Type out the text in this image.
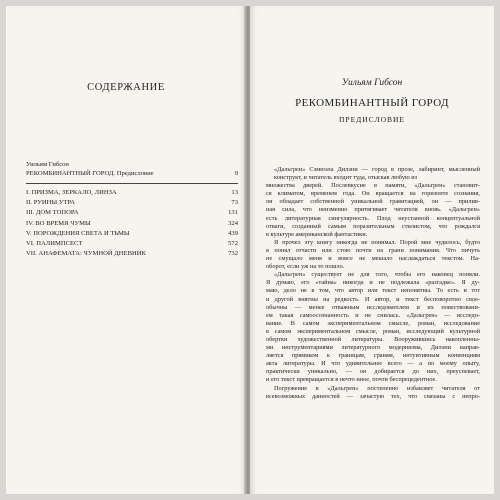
СОДЕРЖАНИЕ
Уильям Гибсон
РЕКОМБИНАНТНЫЙ ГОРОД. Предисловие	9
I. ПРИЗМА, ЗЕРКАЛО, ЛИНЗА	13
II. РУИНЫ УТРА	73
III. ДОМ ТОПОРА	131
IV. ВО ВРЕМЯ ЧУМЫ	324
V. ПОРОЖДЕНИЯ СВЕТА И ТЬМЫ	439
VI. ПАЛИМПСЕСТ	572
VII. АНАФЕМАТА: ЧУМНОЙ ДНЕВНИК	732
Уильям Гибсон
РЕКОМБИНАНТНЫЙ ГОРОД
ПРЕДИСЛОВИЕ
«Дальгрен» Сэмюэла Дилэни — город в прозе, лабиринт, мысленный конструкт, и читатель входит туда, отыскав любую из
множества дверей. Послевкусие в памяти, «Дальгрен» становит-
ся климатом, временем года. Он вращается на горизонте сознания,
он обладает собственной уникальной гравитацией, он — прилив-
ная сила, что неизменно притягивает читателя вновь. «Дальгрен»
есть литературная сингулярность. Плод неустанной концептуальной
отваги, созданный самым поразительным стилистом, что рождался
в культуре американской фантастики.
Я прочел эту книгу никогда не понимал. Порой мне чудилось, будто
я понял отчасти или стою почти на грани понимания. Что пичуть
не смущало меня и вовсе не мешало наслаждаться текстом. На-
оборот, если уж на то пошло.
«Дальгрен» существует не для того, чтобы его наконец поняли.
Я думаю, его «тайна» никогда и не подлежала «разгадке». Я ду-
маю, дело не в том, что автор или текст непонятны. То есть и тот
и другой внятны на редкость. И автор, и текст бесповоротно свое-
обычны — менее отважным исследователем и их повествовани-
ем такая самоосознанность и не снилась. «Дальгрен» — исследо-
вание. В самом экспериментальном смысле, роман, исследование
в самом экспериментальном смысле, роман, исследующий культурной
обертки художественной литературы. Вооружившись накопленны-
ми инструментариями литературного модернизма, Дилэни направ-
ляется прямиком к границам, граням, интуитивным конвенциям
акта литературы. И что удивительнее всего — а по моему опыту,
практически уникально, — он добирается до них, преуспевает,
и его текст превращается в нечто иное, почти беспрецедентное.
Погружение в «Дальгрен» постепенно избавляет читателя от
всевозможных данностей — зачастую тех, что связаны с непро-
